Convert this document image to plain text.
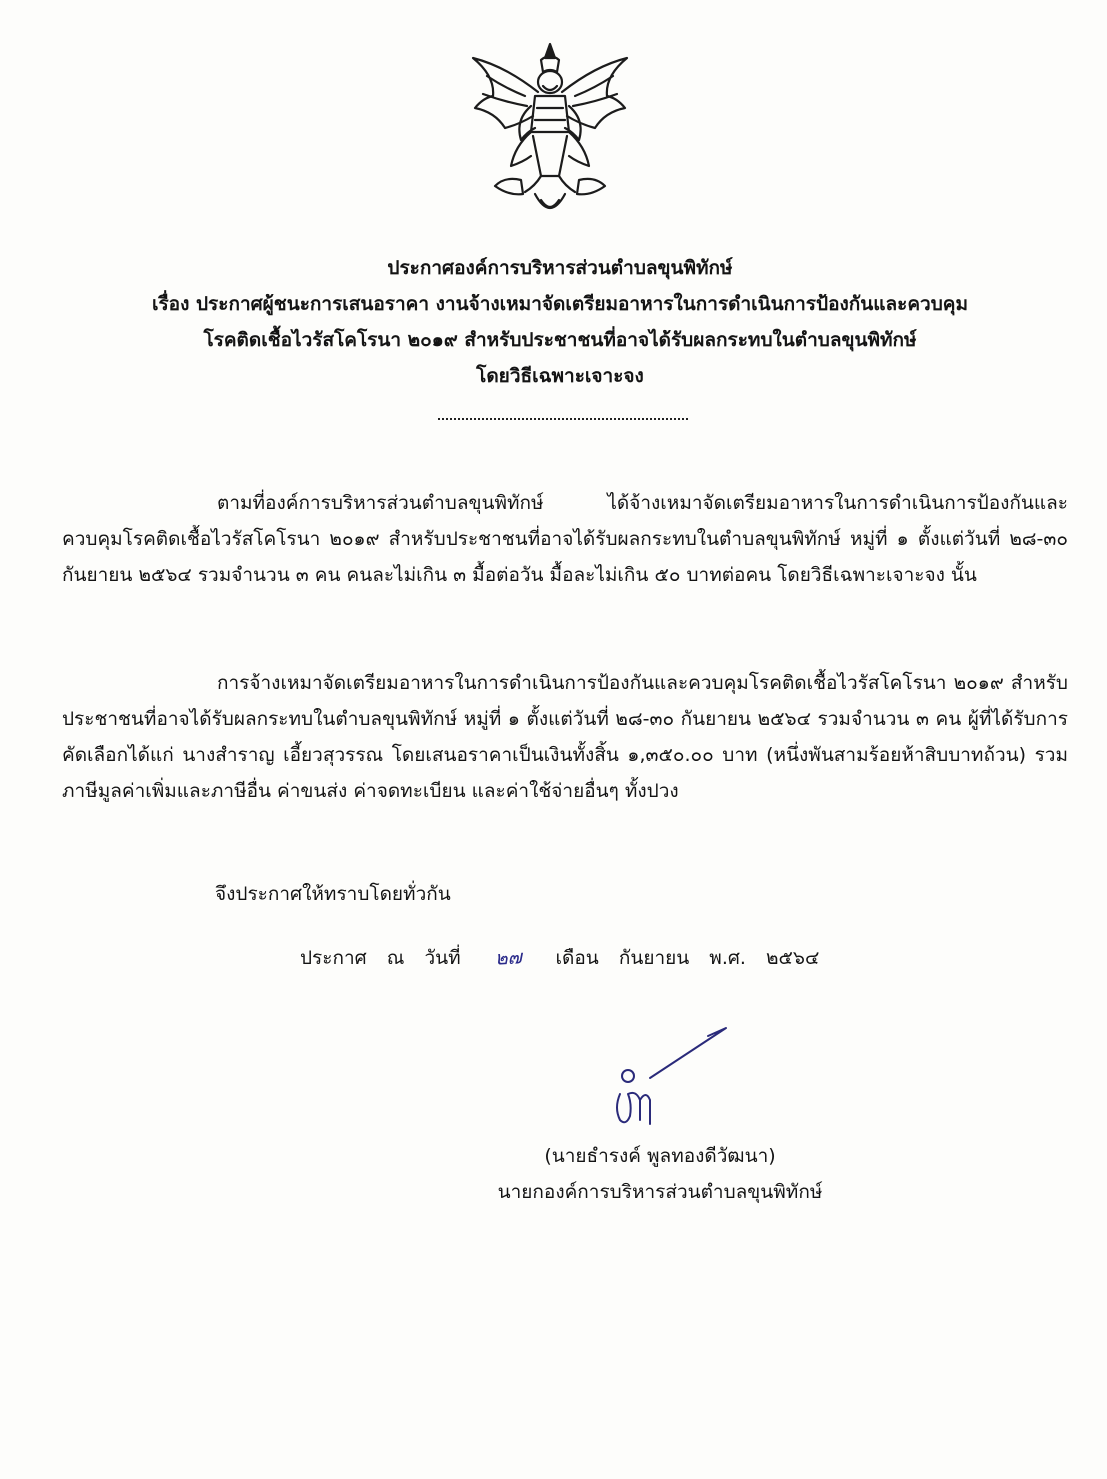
ประกาศองค์การบริหารส่วนตำบลขุนพิทักษ์
เรื่อง ประกาศผู้ชนะการเสนอราคา งานจ้างเหมาจัดเตรียมอาหารในการดำเนินการป้องกันและควบคุม
โรคติดเชื้อไวรัสโคโรนา ๒๐๑๙ สำหรับประชาชนที่อาจได้รับผลกระทบในตำบลขุนพิทักษ์
โดยวิธีเฉพาะเจาะจง

ตามที่องค์การบริหารส่วนตำบลขุนพิทักษ์ ได้จ้างเหมาจัดเตรียมอาหารในการดำเนินการป้องกันและควบคุมโรคติดเชื้อไวรัสโคโรนา ๒๐๑๙ สำหรับประชาชนที่อาจได้รับผลกระทบในตำบลขุนพิทักษ์ หมู่ที่ ๑ ตั้งแต่วันที่ ๒๘-๓๐ กันยายน ๒๕๖๔ รวมจำนวน ๓ คน คนละไม่เกิน ๓ มื้อต่อวัน มื้อละไม่เกิน ๕๐ บาทต่อคน โดยวิธีเฉพาะเจาะจง นั้น

การจ้างเหมาจัดเตรียมอาหารในการดำเนินการป้องกันและควบคุมโรคติดเชื้อไวรัสโคโรนา ๒๐๑๙ สำหรับประชาชนที่อาจได้รับผลกระทบในตำบลขุนพิทักษ์ หมู่ที่ ๑ ตั้งแต่วันที่ ๒๘-๓๐ กันยายน ๒๕๖๔ รวมจำนวน ๓ คน ผู้ที่ได้รับการคัดเลือกได้แก่ นางสำราญ เอี้ยวสุวรรณ โดยเสนอราคาเป็นเงินทั้งสิ้น ๑,๓๕๐.๐๐ บาท (หนึ่งพันสามร้อยห้าสิบบาทถ้วน) รวมภาษีมูลค่าเพิ่มและภาษีอื่น ค่าขนส่ง ค่าจดทะเบียน และค่าใช้จ่ายอื่นๆ ทั้งปวง

จึงประกาศให้ทราบโดยทั่วกัน
ประกาศ ณ วันที่ ๒๗ เดือน กันยายน พ.ศ. ๒๕๖๔
(นายธำรงค์ พูลทองดีวัฒนา)
นายกองค์การบริหารส่วนตำบลขุนพิทักษ์
